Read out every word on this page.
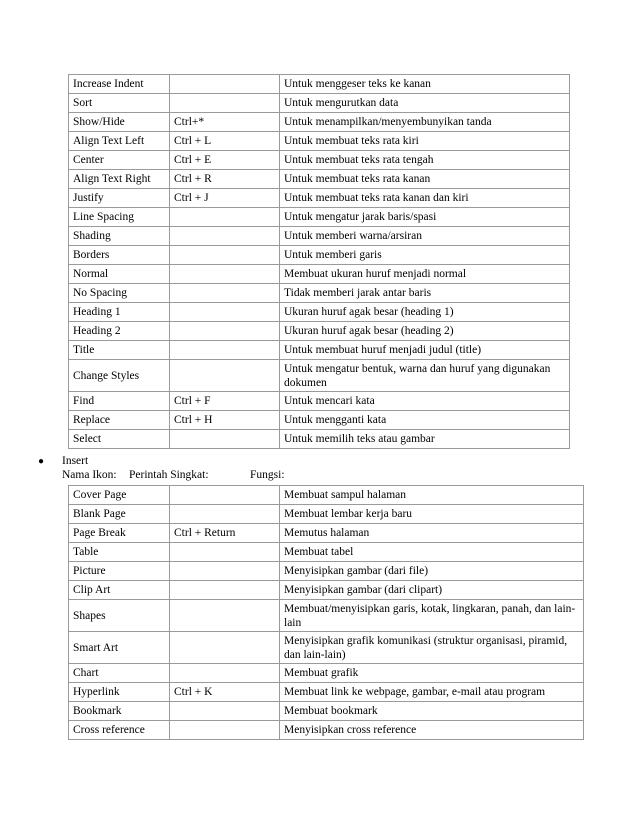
Increase Indent		Untuk menggeser teks ke kanan
Sort		Untuk mengurutkan data
Show/Hide	Ctrl+*	Untuk menampilkan/menyembunyikan tanda
Align Text Left	Ctrl + L	Untuk membuat teks rata kiri
Center	Ctrl + E	Untuk membuat teks rata tengah
Align Text Right	Ctrl + R	Untuk membuat teks rata kanan
Justify	Ctrl + J	Untuk membuat teks rata kanan dan kiri
Line Spacing		Untuk mengatur jarak baris/spasi
Shading		Untuk memberi warna/arsiran
Borders		Untuk memberi garis
Normal		Membuat ukuran huruf menjadi normal
No Spacing		Tidak memberi jarak antar baris
Heading 1		Ukuran huruf agak besar (heading 1)
Heading 2		Ukuran huruf agak besar (heading 2)
Title		Untuk membuat huruf menjadi judul (title)
Change Styles		Untuk mengatur bentuk, warna dan huruf yang digunakan dokumen
Find	Ctrl + F	Untuk mencari kata
Replace	Ctrl + H	Untuk mengganti kata
Select		Untuk memilih teks atau gambar
● Insert
Nama Ikon: Perintah Singkat:	Fungsi:
Cover Page		Membuat sampul halaman
Blank Page		Membuat lembar kerja baru
Page Break	Ctrl + Return	Memutus halaman
Table		Membuat tabel
Picture		Menyisipkan gambar (dari file)
Clip Art		Menyisipkan gambar (dari clipart)
Shapes		Membuat/menyisipkan garis, kotak, lingkaran, panah, dan lain-lain
Smart Art		Menyisipkan grafik komunikasi (struktur organisasi, piramid, dan lain-lain)
Chart		Membuat grafik
Hyperlink	Ctrl + K	Membuat link ke webpage, gambar, e-mail atau program
Bookmark		Membuat bookmark
Cross reference		Menyisipkan cross reference
